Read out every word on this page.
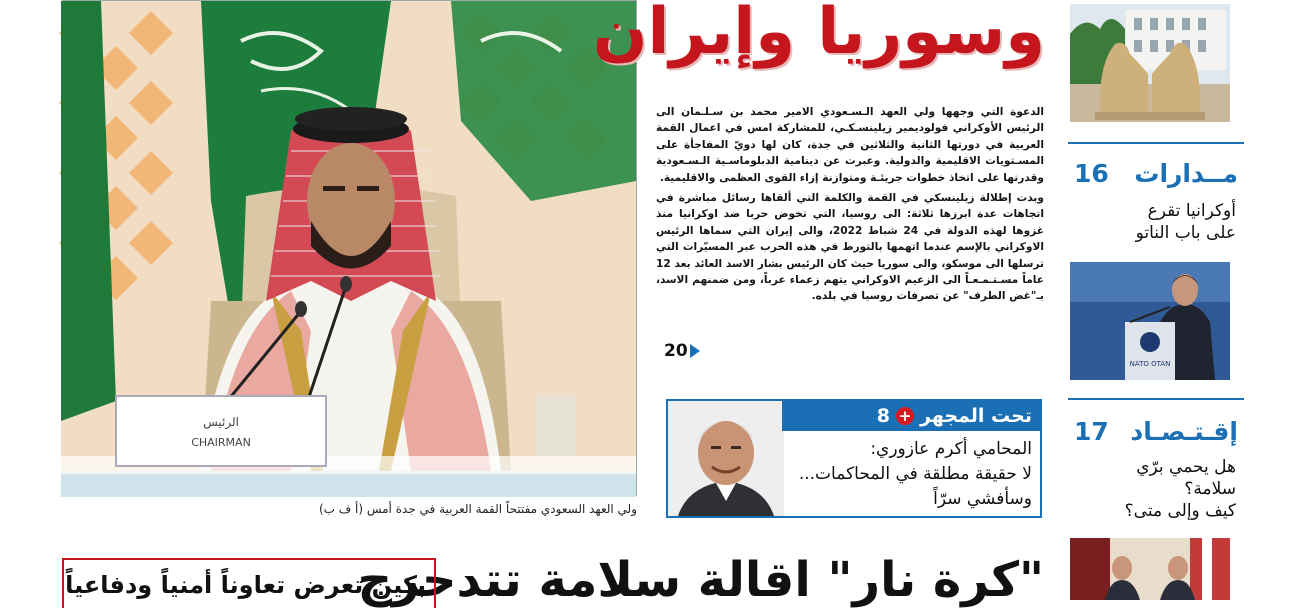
الرئيس
CHAIRMAN
ولي العهد السعودي مفتتحاً القمة العربية في جدة أمس (أ ف ب)
وسوريا وإيران

الدعوة التي وجهها ولي العهد الـسـعودي الامير محمد بن سـلـمان الى الرئيس الأوكراني فولوديمير زيلينسـكـي، للمشاركة امس في اعمال القمة العربية في دورتها الثانية والثلاثين في جدة، كان لها دويّ المفاجأة على المسـتويات الاقليمية والدولية. وعبرت عن دينامية الدبلوماسـية الـسـعودية وقدرتها على اتخاذ خطوات جريئـة ومتوازنة إزاء القوى العظمى والاقليمية.

وبدت إطلالة زيلينسكي في القمة والكلمة التي ألقاها رسائل مباشرة في اتجاهات عدة ابرزها ثلاثة: الى روسيا، التي تخوض حربا ضد اوكرانيا منذ غزوها لهذه الدولة في 24 شباط 2022، والى إيران التي سماها الرئيس الاوكراني بالإسم عندما اتهمها بالتورط في هذه الحرب عبر المسيّرات التي ترسلها الى موسكو، والى سوريا حيث كان الرئيس بشار الاسد العائد بعد 12 عاماً مسـتـمـعـاً الى الزعيم الاوكراني يتهم زعماء عرباً، ومن ضمنهم الاسد، بـ"غض الطرف" عن تصرفات روسيا في بلده.

20
تحت المجهر
+
8
المحامي أكرم عازوري:
لا حقيقة مطلقة في المحاكمات...
وسأفشي سرّاً
"كرة نار" اقالة سلامة تتدحرج
بكين تعرض تعاوناً أمنياً ودفاعياً
مــدارات
16
أوكرانيا تقرع
على باب الناتو
NATO OTAN
إقـتـصـاد
17
هل يحمي برّي
سلامة؟
كيف وإلى متى؟
